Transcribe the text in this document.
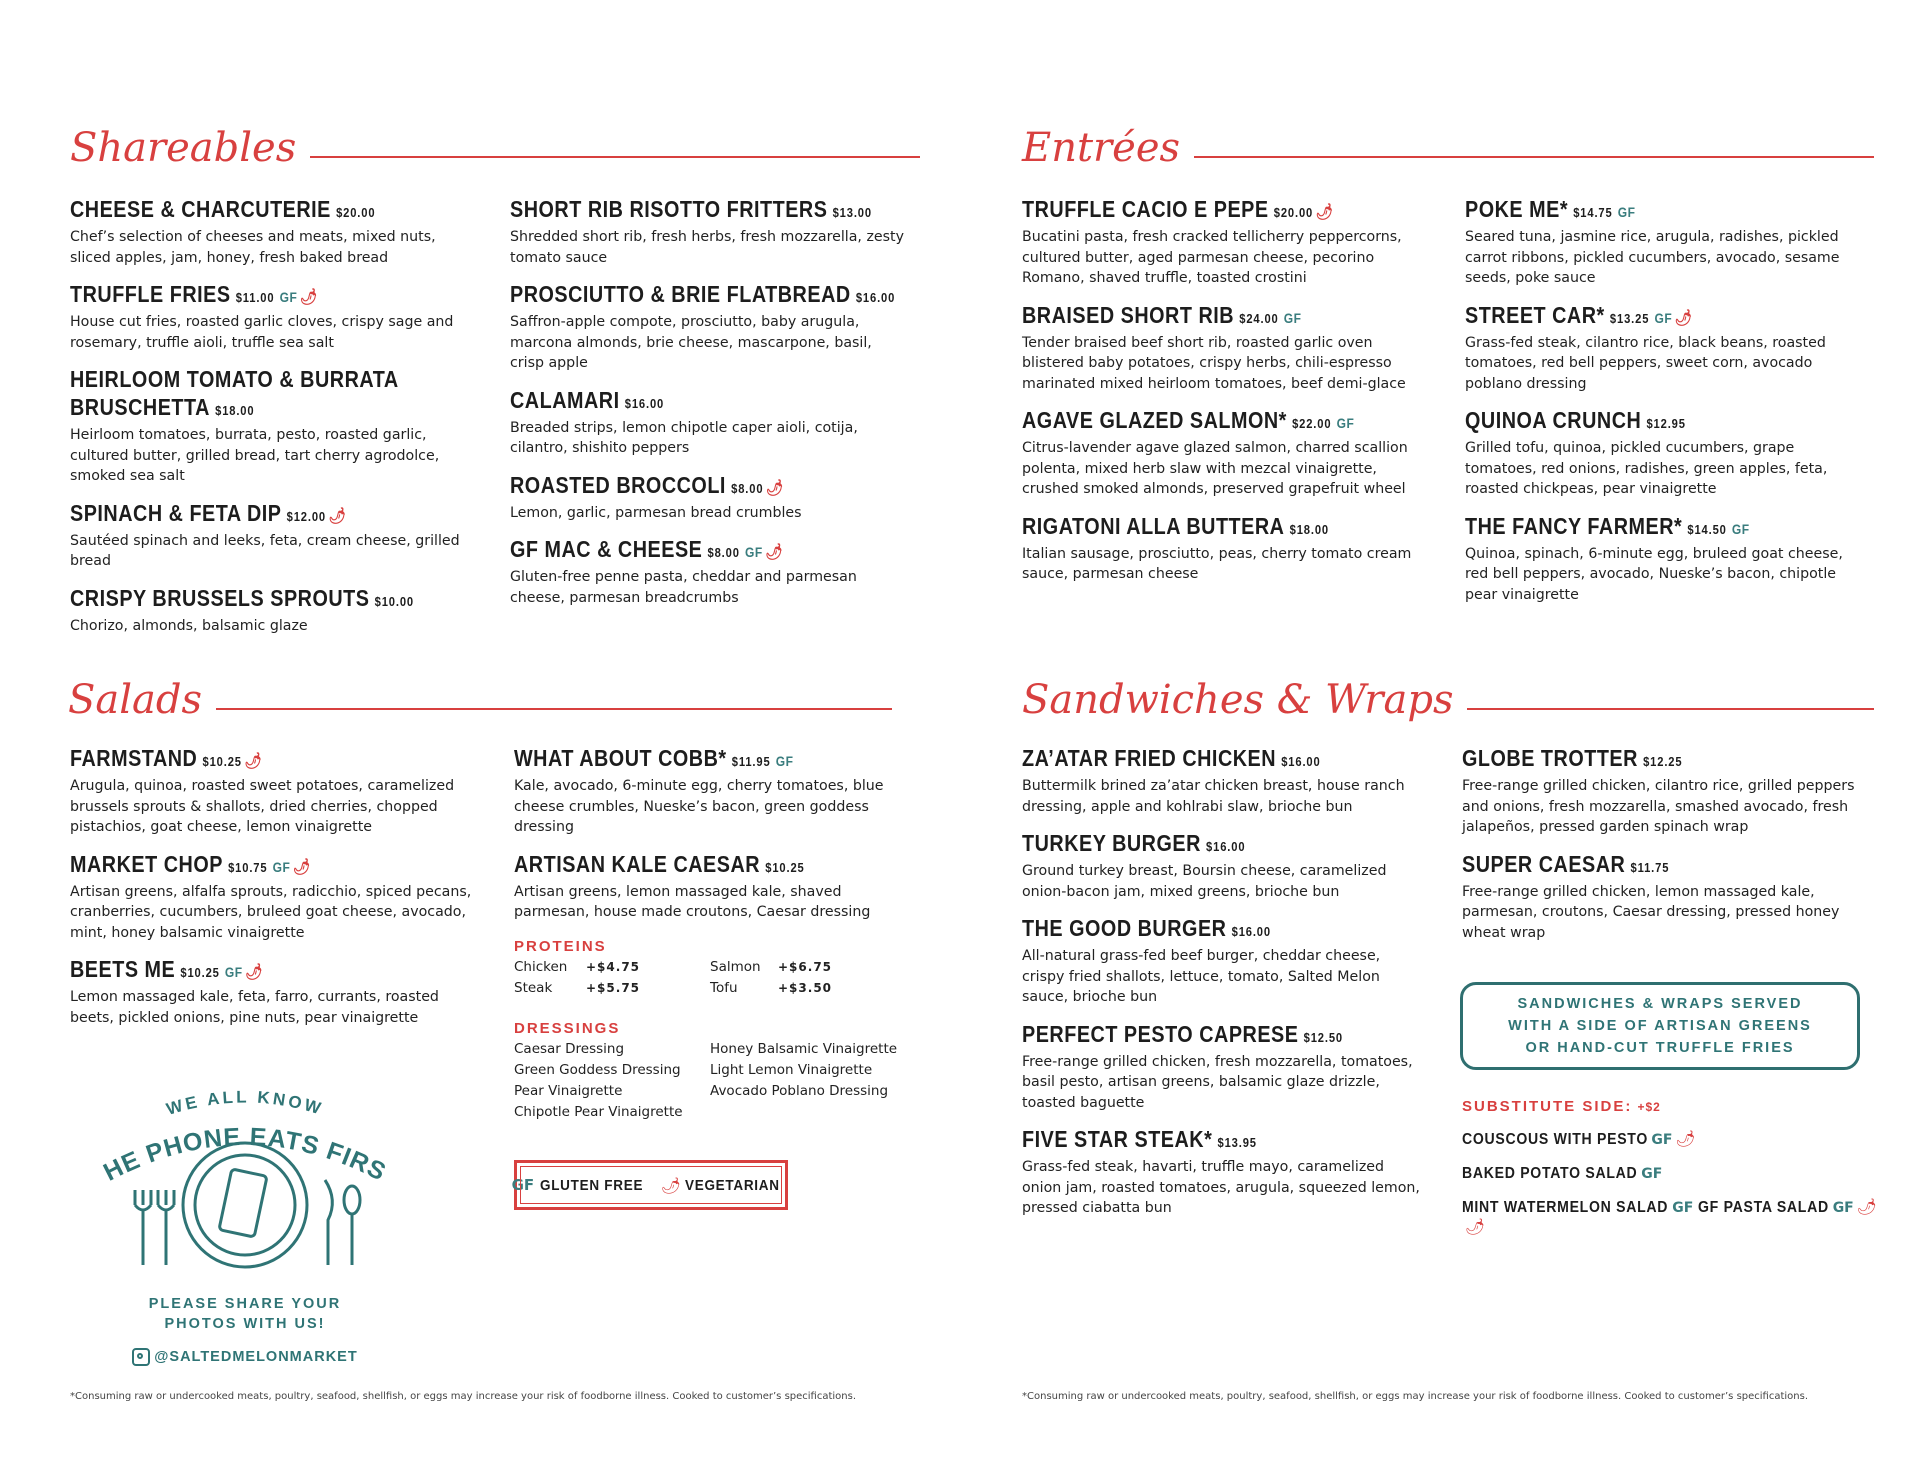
Shareables	Entrées
Salads	Sandwiches & Wraps
CHEESE & CHARCUTERIE $20.00
Chef’s selection of cheeses and meats, mixed nuts, sliced apples, jam, honey, fresh baked bread
TRUFFLE FRIES $11.00 GF 🌶
House cut fries, roasted garlic cloves, crispy sage and rosemary, truffle aioli, truffle sea salt
HEIRLOOM TOMATO & BURRATA BRUSCHETTA $18.00
Heirloom tomatoes, burrata, pesto, roasted garlic, cultured butter, grilled bread, tart cherry agrodolce, smoked sea salt
SPINACH & FETA DIP $12.00 🌶
Sautéed spinach and leeks, feta, cream cheese, grilled bread
CRISPY BRUSSELS SPROUTS $10.00
Chorizo, almonds, balsamic glaze
SHORT RIB RISOTTO FRITTERS $13.00
Shredded short rib, fresh herbs, fresh mozzarella, zesty tomato sauce
PROSCIUTTO & BRIE FLATBREAD $16.00
Saffron-apple compote, prosciutto, baby arugula, marcona almonds, brie cheese, mascarpone, basil, crisp apple
CALAMARI $16.00
Breaded strips, lemon chipotle caper aioli, cotija, cilantro, shishito peppers
ROASTED BROCCOLI $8.00 🌶
Lemon, garlic, parmesan bread crumbles
GF MAC & CHEESE $8.00 GF 🌶
Gluten-free penne pasta, cheddar and parmesan cheese, parmesan breadcrumbs
TRUFFLE CACIO E PEPE $20.00 🌶
Bucatini pasta, fresh cracked tellicherry peppercorns, cultured butter, aged parmesan cheese, pecorino Romano, shaved truffle, toasted crostini
BRAISED SHORT RIB $24.00 GF
Tender braised beef short rib, roasted garlic oven blistered baby potatoes, crispy herbs, chili-espresso marinated mixed heirloom tomatoes, beef demi-glace
AGAVE GLAZED SALMON* $22.00 GF
Citrus-lavender agave glazed salmon, charred scallion polenta, mixed herb slaw with mezcal vinaigrette, crushed smoked almonds, preserved grapefruit wheel
RIGATONI ALLA BUTTERA $18.00
Italian sausage, prosciutto, peas, cherry tomato cream sauce, parmesan cheese
POKE ME* $14.75 GF
Seared tuna, jasmine rice, arugula, radishes, pickled carrot ribbons, pickled cucumbers, avocado, sesame seeds, poke sauce
STREET CAR* $13.25 GF 🌶
Grass-fed steak, cilantro rice, black beans, roasted tomatoes, red bell peppers, sweet corn, avocado poblano dressing
QUINOA CRUNCH $12.95
Grilled tofu, quinoa, pickled cucumbers, grape tomatoes, red onions, radishes, green apples, feta, roasted chickpeas, pear vinaigrette
THE FANCY FARMER* $14.50 GF
Quinoa, spinach, 6-minute egg, bruleed goat cheese, red bell peppers, avocado, Nueske’s bacon, chipotle pear vinaigrette
FARMSTAND $10.25 🌶
Arugula, quinoa, roasted sweet potatoes, caramelized brussels sprouts & shallots, dried cherries, chopped pistachios, goat cheese, lemon vinaigrette
MARKET CHOP $10.75 GF 🌶
Artisan greens, alfalfa sprouts, radicchio, spiced pecans, cranberries, cucumbers, bruleed goat cheese, avocado, mint, honey balsamic vinaigrette
BEETS ME $10.25 GF 🌶
Lemon massaged kale, feta, farro, currants, roasted beets, pickled onions, pine nuts, pear vinaigrette
WHAT ABOUT COBB* $11.95 GF
Kale, avocado, 6-minute egg, cherry tomatoes, blue cheese crumbles, Nueske’s bacon, green goddess dressing
ARTISAN KALE CAESAR $10.25
Artisan greens, lemon massaged kale, shaved parmesan, house made croutons, Caesar dressing
ZA’ATAR FRIED CHICKEN $16.00
Buttermilk brined za’atar chicken breast, house ranch dressing, apple and kohlrabi slaw, brioche bun
TURKEY BURGER $16.00
Ground turkey breast, Boursin cheese, caramelized onion-bacon jam, mixed greens, brioche bun
THE GOOD BURGER $16.00
All-natural grass-fed beef burger, cheddar cheese, crispy fried shallots, lettuce, tomato, Salted Melon sauce, brioche bun
PERFECT PESTO CAPRESE $12.50
Free-range grilled chicken, fresh mozzarella, tomatoes, basil pesto, artisan greens, balsamic glaze drizzle, toasted baguette
FIVE STAR STEAK* $13.95
Grass-fed steak, havarti, truffle mayo, caramelized onion jam, roasted tomatoes, arugula, squeezed lemon, pressed ciabatta bun
GLOBE TROTTER $12.25
Free-range grilled chicken, cilantro rice, grilled peppers and onions, fresh mozzarella, smashed avocado, fresh jalapeños, pressed garden spinach wrap
SUPER CAESAR $11.75
Free-range grilled chicken, lemon massaged kale, parmesan, croutons, Caesar dressing, pressed honey wheat wrap
PROTEINS
Chicken	+$4.75	Salmon	+$6.75
Steak	+$5.75	Tofu	+$3.50
DRESSINGS
Caesar Dressing
Green Goddess Dressing
Pear Vinaigrette
Chipotle Pear Vinaigrette
Honey Balsamic Vinaigrette
Light Lemon Vinaigrette
Avocado Poblano Dressing
GF GLUTEN FREE 🌶 VEGETARIAN
WE ALL KNOW
HE PHONE EATS FIRS
PLEASE SHARE YOUR
PHOTOS WITH US!
@SALTEDMELONMARKET
SANDWICHES & WRAPS SERVED
WITH A SIDE OF ARTISAN GREENS
OR HAND-CUT TRUFFLE FRIES
SUBSTITUTE SIDE: +$2
COUSCOUS WITH PESTO GF 🌶
BAKED POTATO SALAD GF
MINT WATERMELON SALAD GF🌶
GF PASTA SALAD GF 🌶
*Consuming raw or undercooked meats, poultry, seafood, shellfish, or eggs may increase your risk of foodborne illness. Cooked to customer’s specifications.	*Consuming raw or undercooked meats, poultry, seafood, shellfish, or eggs may increase your risk of foodborne illness. Cooked to customer’s specifications.
